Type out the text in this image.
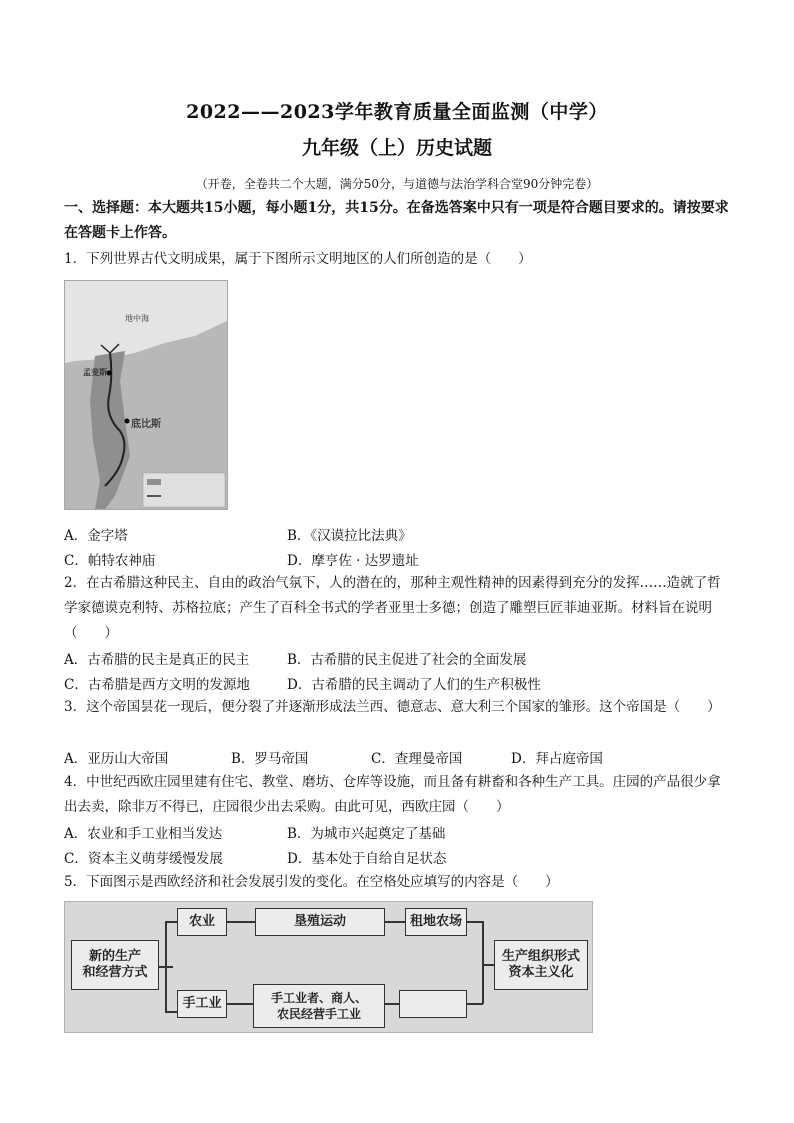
2022——2023学年教育质量全面监测（中学）
九年级（上）历史试题
（开卷，全卷共二个大题，满分50分，与道德与法治学科合堂90分钟完卷）
一、选择题：本大题共15小题，每小题1分，共15分。在备选答案中只有一项是符合题目要求的。请按要求在答题卡上作答。
1．下列世界古代文明成果，属于下图所示文明地区的人们所创造的是（　　）
地中海
孟斐斯
底比斯
A．金字塔	B．《汉谟拉比法典》
C．帕特农神庙	D．摩亨佐 · 达罗遗址
2．在古希腊这种民主、自由的政治气氛下，人的潜在的，那种主观性精神的因素得到充分的发挥……造就了哲学家德谟克利特、苏格拉底；产生了百科全书式的学者亚里士多德；创造了雕塑巨匠菲迪亚斯。材料旨在说明（　　）
A．古希腊的民主是真正的民主	B．古希腊的民主促进了社会的全面发展
C．古希腊是西方文明的发源地	D．古希腊的民主调动了人们的生产积极性
3．这个帝国昙花一现后，便分裂了并逐渐形成法兰西、德意志、意大利三个国家的雏形。这个帝国是（　　）
A．亚历山大帝国	B．罗马帝国	C．查理曼帝国	D．拜占庭帝国
4．中世纪西欧庄园里建有住宅、教堂、磨坊、仓库等设施，而且备有耕畜和各种生产工具。庄园的产品很少拿出去卖，除非万不得已，庄园很少出去采购。由此可见，西欧庄园（　　）
A．农业和手工业相当发达	B．为城市兴起奠定了基础
C．资本主义萌芽缓慢发展	D．基本处于自给自足状态
5．下面图示是西欧经济和社会发展引发的变化。在空格处应填写的内容是（　　）
新的生产
和经营方式
农业	垦殖运动	租地农场
手工业	手工业者、商人、
农民经营手工业
生产组织形式
资本主义化
